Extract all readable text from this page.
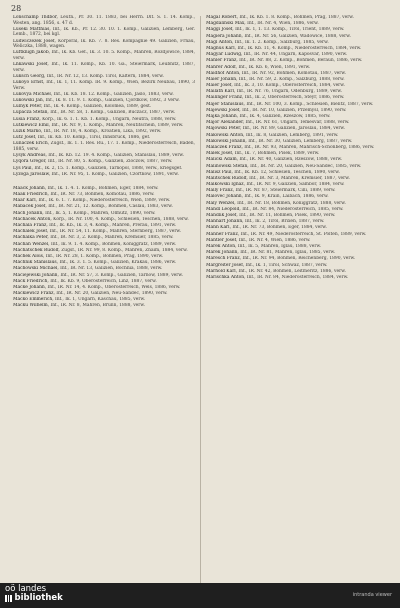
28

Lonschamp Thdbor, Leutn., Pr. 30. 11. 1883, bei Herrn. Dlt. S. 1. 14. Komp., Westen, ang. 1856, s. 47 d.

Luseki Matthias, Inf., Ik. Kb., Pr. 12. 30. 10. 1. Komp., Galizien, Lemberg, Ger. Lemb., 1872, bei kgl.

Ludwiczezek Josef, Korporal, Ik. Kb. 7. 8. Res. Kompagnie 49. Galizien, Frnau, Weliczka, 1888, wagen.

Luftknigh Jakob, Inf., Ik. Kb. Gef., Ik. 3. 10. 5. Komp., Mähren, Rozdjowice, 1884, verw.

Lnkawski Josef, Inf., Ik. 11. Komp., Kb. 10. Ga., Steiermark, Leubnitz, 1887, verw.

Luksch Georg, Inf., IR. Nr. 12, 13. Komp. Tirol, Kaltern, 1884, verw.

Lukoyo Ernst, Inf., Ik. 1, 11. Komp. IR. 9. Komp., Wien, Bezirk Neubau, 1890, 3 Verw.

Lukovya Michael, Inf., Ik. Kb. 18. 12. Komp., Galizien, Jaslo, 1883, verw.

Lukowski Jan, Inf., Ik. 8. 11. 9. 1. Komp., Galizien, Cjordkow, 1892, 3 Verw.

Lulnyk Peter, Inf., Ik. 4. Komp., Galizien, Kolomea, 1889, gest.

Lupacza Stefan, Inf., IR. Nr. 58, 1. Komp., Galizien, Buczacz, 1887, verw.

Lusia Franz, Korp., Ik. 6. 1. 1. Kb. 1. Komp., Ungarn, Neutra, 1888, verw.

Lutkiewicz Emil, Inf., IR. Nr. 9, 1. Komp., Mähren, Neutitschein, 1889, verw.

Luzik Marko, Inf., IR. Nr. 18, 4. Komp., Kroatien, Lika, 1892, verw.

Lutz Josef, Inf., Ik. Kb. 10. Komp., Tirol, Innsbruck, 1886, gef.

Lunaczek Erich, Zugsf., Ik. 1. 1. Res. Ru., 17. 1. Komp., Niederösterreich, Baden, 1885, verw.

Lysyk Andreas, Inf., Ik. Kb. 12. 19. 4. Komp., Galizien, Stanislau, 1889, verw.

Lyqora Gregor, Inf., IR. Nr. 80, 5. Komp., Galizien, Zloczow, 1887, verw.

Lys Paul, Inf., Ik. 2, 15. 1. Komp., Galizien, Tarnopol, 1888, verw., kriegsgef.

Lyzoga Jaroslaw, Inf., IR. Nr. 95, 1. Komp., Galizien, Czortkow, 1891, verw.

Maack Johann, Inf., Ik. 1. 4. 1. Komp., Böhmen, Eger, 1884, verw.

Maak Friedrich, Inf., IR. Nr. 73, Böhmen, Komotau, 1886, verw.

Maar Karl, Inf., Ik. 6. 1. 7. Komp., Niederösterreich, Wien, 1889, verw.

Mabaček Josef, Inf., IR. Nr. 21, 12. Komp., Böhmen, Caslau, 1883, verw.

Mach Johann, Inf., Ik. 5, 1. Komp., Mähren, Olmütz, 1890, verw.

Machacek Anton, Korp., IR. Nr. 100, 4. Komp., Schlesien, Teschen, 1888, verw.

Machala Franz, Inf., Ik. Kb., Ik. 3, 4. Komp., Mähren, Prerau, 1891, verw.

Machalek Josef, Inf., IR. Nr. 54, 11. Komp., Mähren, Sternberg, 1887, verw.

Machalka Peter, Inf., IR. Nr. 3, 2. Komp., Mähren, Kremsier, 1885, verw.

Macháň Wenzel, Inf., Ik. 9. 1. 4. Komp., Böhmen, Königgrätz, 1889, verw.

Machatschek Rudolf, Zugsf., IR. Nr. 99, 8. Komp., Mähren, Znaim, 1884, verw.

Machek Alois, Inf., IR. Nr. 28, 1. Komp., Böhmen, Prag, 1890, verw.

Machnik Stanislaus, Inf., Ik. 3. 1. 5. Komp., Galizien, Krakau, 1886, verw.

Machowski Michael, Inf., IR. Nr. 13, Galizien, Bochnia, 1888, verw.

Maciejewski Johann, Inf., IR. Nr. 57, 3. Komp., Galizien, Tarnow, 1889, verw.

Mack Friedrich, Inf., Ik. Kb. 9, Oberösterreich, Linz, 1887, verw.

Macke Johann, Inf., IR. Nr. 14, 4. Komp., Oberösterreich, Wels, 1886, verw.

Mackiewicz Franz, Inf., IR. Nr. 20, Galizien, Neu-Sandec, 1890, verw.

Macko Emmerich, Inf., Ik. 1, Ungarn, Kaschau, 1885, verw.

Macku Wilhelm, Inf., IR. Nr. 8, Mähren, Brünn, 1888, verw.

Magal Robert, Inf., Ik. Kb. 1. 8. Komp., Böhmen, Prag, 1887, verw.

Magdalinski Max, Inf., IR. Nr. 4, Wien, 1886, verw.

Maggi Josef, Inf., Ik. 1, 1. 13. Komp., Tirol, Trient, 1889, verw.

Magiera Johann, Inf., IR. Nr. 56, Galizien, Wadowice, 1888, verw.

Magl Anton, Inf., Ik. 1. 2. Komp., Salzburg, 1885, verw.

Magnus Karl, Inf., Ik. Kb. 11, 4. Komp., Niederösterreich, 1884, verw.

Magyar Ludwig, Inf., IR. Nr. 44, Ungarn, Kaposvar, 1890, verw.

Mahler Franz, Inf., IR. Nr. 88, 2. Komp., Böhmen, Beraun, 1886, verw.

Mahrer Adolf, Inf., Ik. Kb. 6, Wien, 1891, verw.

Maidhof Anton, Inf., IR. Nr. 92, Böhmen, Komotau, 1887, verw.

Maier Johann, Inf., IR. Nr. 59, 2. Komp., Salzburg, 1888, verw.

Maier Josef, Inf., Ik. 3, 10. Komp., Oberösterreich, 1884, verw.

Mailath Karl, Inf., IR. Nr. 76, Ungarn, Ödenburg, 1889, verw.

Mailinger Franz, Inf., Ik. 2, Oberösterreich, Steyr, 1886, verw.

Majer Stanislaus, Inf., IR. Nr. 100, 3. Komp., Schlesien, Bielitz, 1887, verw.

Majewski Josef, Inf., IR. Nr. 10, Galizien, Przemysl, 1890, verw.

Majka Johann, Inf., Ik. 4, Galizien, Rzeszow, 1885, verw.

Major Alexander, Inf., IR. Nr. 61, Ungarn, Temesvar, 1888, verw.

Majowski Peter, Inf., IR. Nr. 89, Galizien, Jaroslau, 1884, verw.

Makowski Anton, Inf., Ik. 8, Galizien, Lemberg, 1891, verw.

Makowski Johann, Inf., IR. Nr. 30, Galizien, Lemberg, 1887, verw.

Malaczek Franz, Inf., IR. Nr. 93, Mähren, Mährisch-Schönberg, 1886, verw.

Malek Josef, Inf., Ik. 7, Böhmen, Pisek, 1889, verw.

Malicki Adam, Inf., IR. Nr. 40, Galizien, Rzeszow, 1888, verw.

Malinowski Stefan, Inf., IR. Nr. 20, Galizien, Neu-Sandec, 1885, verw.

Malisz Paul, Inf., Ik. Kb. 12, Schlesien, Teschen, 1890, verw.

Malitschek Rudolf, Inf., IR. Nr. 3, Mähren, Kremsier, 1887, verw.

Malkowski Ignaz, Inf., IR. Nr. 9, Galizien, Sambor, 1884, verw.

Mally Franz, Inf., IR. Nr. 87, Steiermark, Cilli, 1889, verw.

Malovec Johann, Inf., Ik. 9, Krain, Laibach, 1886, verw.

Malý Wenzel, Inf., IR. Nr. 18, Böhmen, Königgrätz, 1888, verw.

Mandl Leopold, Inf., IR. Nr. 84, Niederösterreich, 1885, verw.

Mandlik Josef, Inf., IR. Nr. 11, Böhmen, Pisek, 1890, verw.

Manhart Johann, Inf., Ik. 2, Tirol, Brixen, 1887, verw.

Mann Karl, Inf., IR. Nr. 73, Böhmen, Eger, 1884, verw.

Manner Franz, Inf., IR. Nr. 49, Niederösterreich, St. Pölten, 1889, verw.

Mantler Josef, Inf., IR. Nr. 4, Wien, 1886, verw.

Marek Anton, Inf., Ik. 5, Mähren, Iglau, 1888, verw.

Marek Johann, Inf., IR. Nr. 81, Mähren, Iglau, 1885, verw.

Maresch Franz, Inf., IR. Nr. 94, Böhmen, Reichenberg, 1890, verw.

Margreiter Josef, Inf., Ik. 1, Tirol, Schwaz, 1887, verw.

Marhold Karl, Inf., IR. Nr. 42, Böhmen, Leitmeritz, 1886, verw.

Marischka Anton, Inf., IR. Nr. 84, Niederösterreich, 1884, verw.

oö landes
bibliothek	intranda viewer
